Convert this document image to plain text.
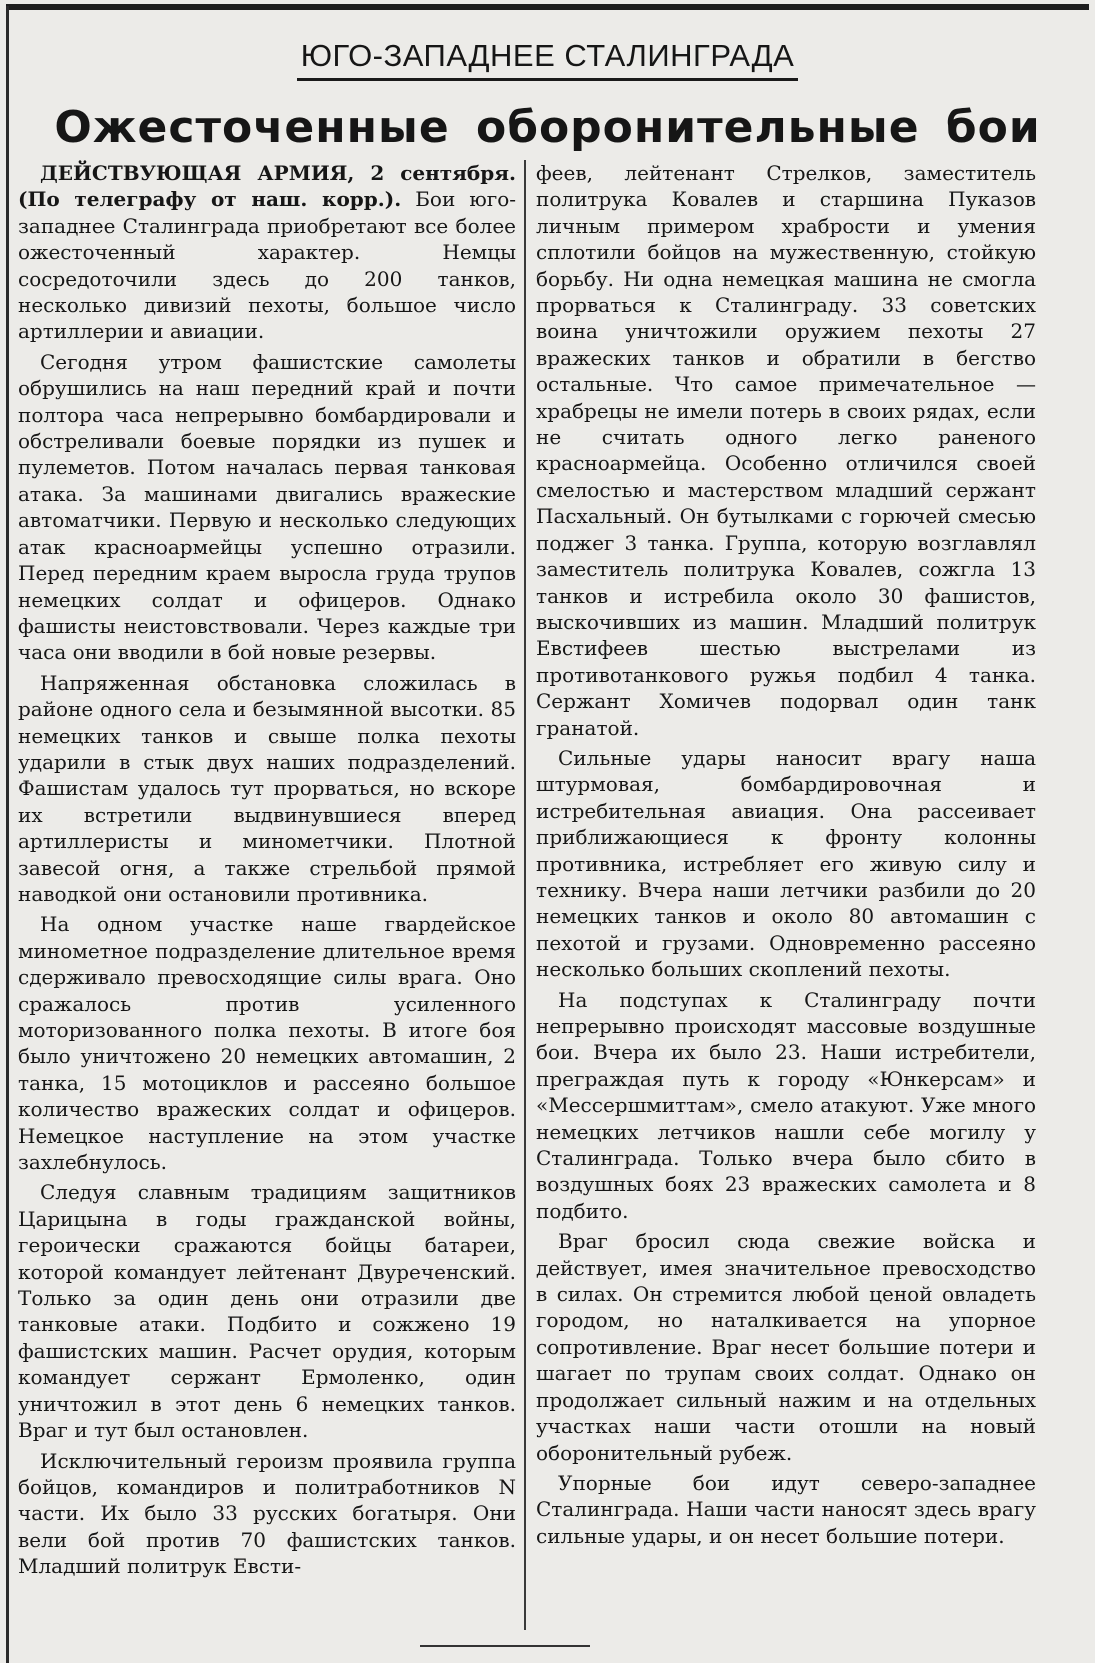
ЮГО-ЗАПАДНЕЕ СТАЛИНГРАДА
Ожесточенные оборонительные бои

ДЕЙСТВУЮЩАЯ АРМИЯ, 2 сентября. (По телеграфу от наш. корр.). Бои юго-западнее Сталинграда приобретают все более ожесточенный характер. Немцы сосредоточили здесь до 200 танков, несколько дивизий пехоты, большое число артиллерии и авиации.

Сегодня утром фашистские самолеты обрушились на наш передний край и почти полтора часа непрерывно бомбардировали и обстреливали боевые порядки из пушек и пулеметов. Потом началась первая танковая атака. За машинами двигались вражеские автоматчики. Первую и несколько следующих атак красноармейцы успешно отразили. Перед передним краем выросла груда трупов немецких солдат и офицеров. Однако фашисты неистовствовали. Через каждые три часа они вводили в бой новые резервы.

Напряженная обстановка сложилась в районе одного села и безымянной высотки. 85 немецких танков и свыше полка пехоты ударили в стык двух наших подразделений. Фашистам удалось тут прорваться, но вскоре их встретили выдвинувшиеся вперед артиллеристы и минометчики. Плотной завесой огня, а также стрельбой прямой наводкой они остановили противника.

На одном участке наше гвардейское минометное подразделение длительное время сдерживало превосходящие силы врага. Оно сражалось против усиленного моторизованного полка пехоты. В итоге боя было уничтожено 20 немецких автомашин, 2 танка, 15 мотоциклов и рассеяно большое количество вражеских солдат и офицеров. Немецкое наступление на этом участке захлебнулось.

Следуя славным традициям защитников Царицына в годы гражданской войны, героически сражаются бойцы батареи, которой командует лейтенант Двуреченский. Только за один день они отразили две танковые атаки. Подбито и сожжено 19 фашистских машин. Расчет орудия, которым командует сержант Ермоленко, один уничтожил в этот день 6 немецких танков. Враг и тут был остановлен.

Исключительный героизм проявила группа бойцов, командиров и политработников N части. Их было 33 русских богатыря. Они вели бой против 70 фашистских танков. Младший политрук Евсти-

феев, лейтенант Стрелков, заместитель политрука Ковалев и старшина Пуказов личным примером храбрости и умения сплотили бойцов на мужественную, стойкую борьбу. Ни одна немецкая машина не смогла прорваться к Сталинграду. 33 советских воина уничтожили оружием пехоты 27 вражеских танков и обратили в бегство остальные. Что самое примечательное — храбрецы не имели потерь в своих рядах, если не считать одного легко раненого красноармейца. Особенно отличился своей смелостью и мастерством младший сержант Пасхальный. Он бутылками с горючей смесью поджег 3 танка. Группа, которую возглавлял заместитель политрука Ковалев, сожгла 13 танков и истребила около 30 фашистов, выскочивших из машин. Младший политрук Евстифеев шестью выстрелами из противотанкового ружья подбил 4 танка. Сержант Хомичев подорвал один танк гранатой.

Сильные удары наносит врагу наша штурмовая, бомбардировочная и истребительная авиация. Она рассеивает приближающиеся к фронту колонны противника, истребляет его живую силу и технику. Вчера наши летчики разбили до 20 немецких танков и около 80 автомашин с пехотой и грузами. Одновременно рассеяно несколько больших скоплений пехоты.

На подступах к Сталинграду почти непрерывно происходят массовые воздушные бои. Вчера их было 23. Наши истребители, преграждая путь к городу «Юнкерсам» и «Мессершмиттам», смело атакуют. Уже много немецких летчиков нашли себе могилу у Сталинграда. Только вчера было сбито в воздушных боях 23 вражеских самолета и 8 подбито.

Враг бросил сюда свежие войска и действует, имея значительное превосходство в силах. Он стремится любой ценой овладеть городом, но наталкивается на упорное сопротивление. Враг несет большие потери и шагает по трупам своих солдат. Однако он продолжает сильный нажим и на отдельных участках наши части отошли на новый оборонительный рубеж.

Упорные бои идут северо-западнее Сталинграда. Наши части наносят здесь врагу сильные удары, и он несет большие потери.
